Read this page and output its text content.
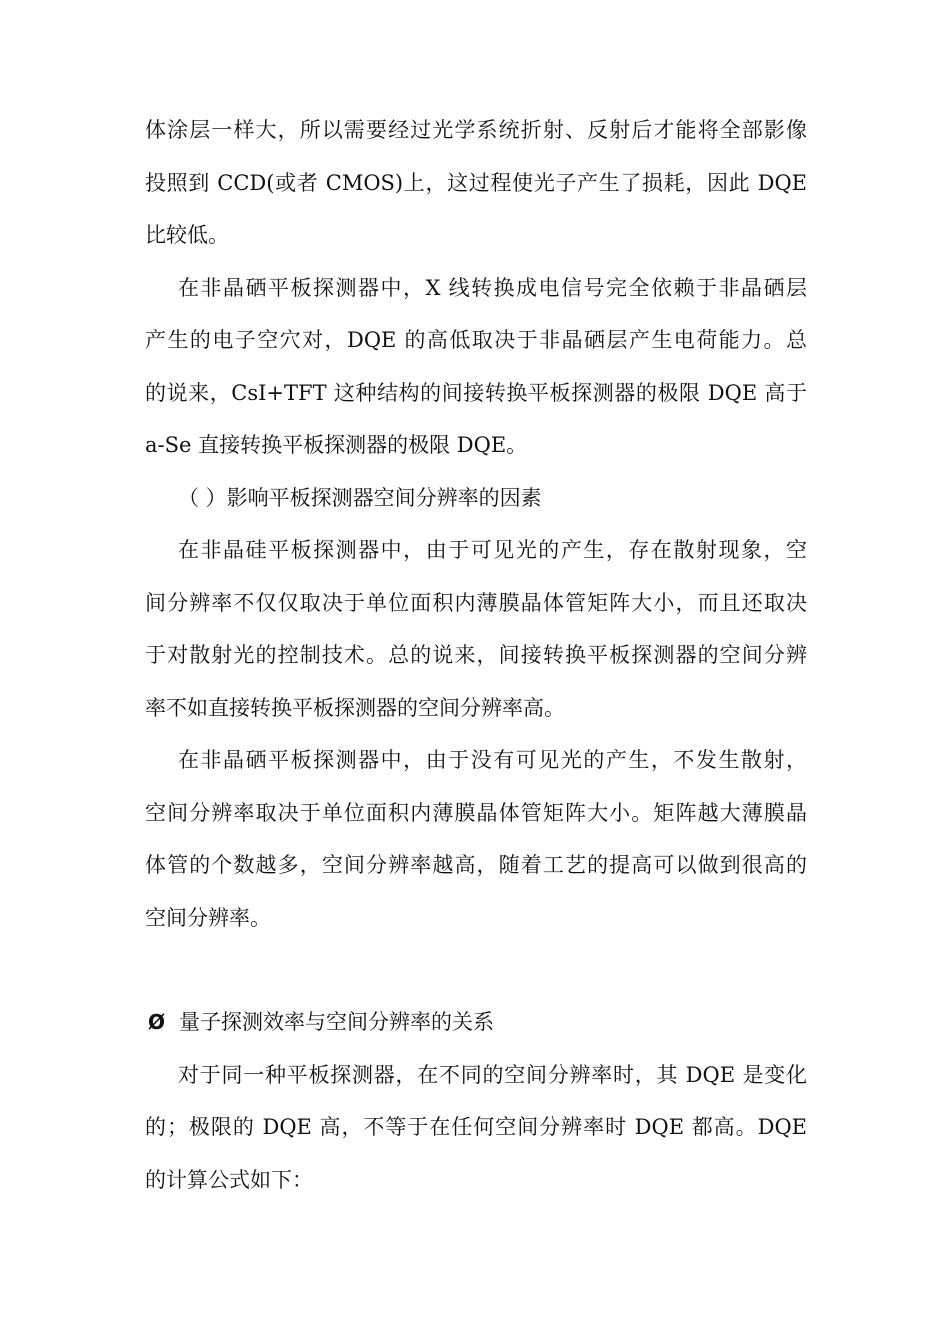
体涂层一样大，所以需要经过光学系统折射、反射后才能将全部影像
投照到 CCD(或者 CMOS)上，这过程使光子产生了损耗，因此 DQE
比较低。
在非晶硒平板探测器中，X 线转换成电信号完全依赖于非晶硒层
产生的电子空穴对，DQE 的高低取决于非晶硒层产生电荷能力。总
的说来，CsI+TFT 这种结构的间接转换平板探测器的极限 DQE 高于
a-Se 直接转换平板探测器的极限 DQE。
（ ）影响平板探测器空间分辨率的因素
在非晶硅平板探测器中，由于可见光的产生，存在散射现象，空
间分辨率不仅仅取决于单位面积内薄膜晶体管矩阵大小，而且还取决
于对散射光的控制技术。总的说来，间接转换平板探测器的空间分辨
率不如直接转换平板探测器的空间分辨率高。
在非晶硒平板探测器中，由于没有可见光的产生，不发生散射，
空间分辨率取决于单位面积内薄膜晶体管矩阵大小。矩阵越大薄膜晶
体管的个数越多，空间分辨率越高，随着工艺的提高可以做到很高的
空间分辨率。
Ø 量子探测效率与空间分辨率的关系
对于同一种平板探测器，在不同的空间分辨率时，其 DQE 是变化
的；极限的 DQE 高，不等于在任何空间分辨率时 DQE 都高。DQE
的计算公式如下：
